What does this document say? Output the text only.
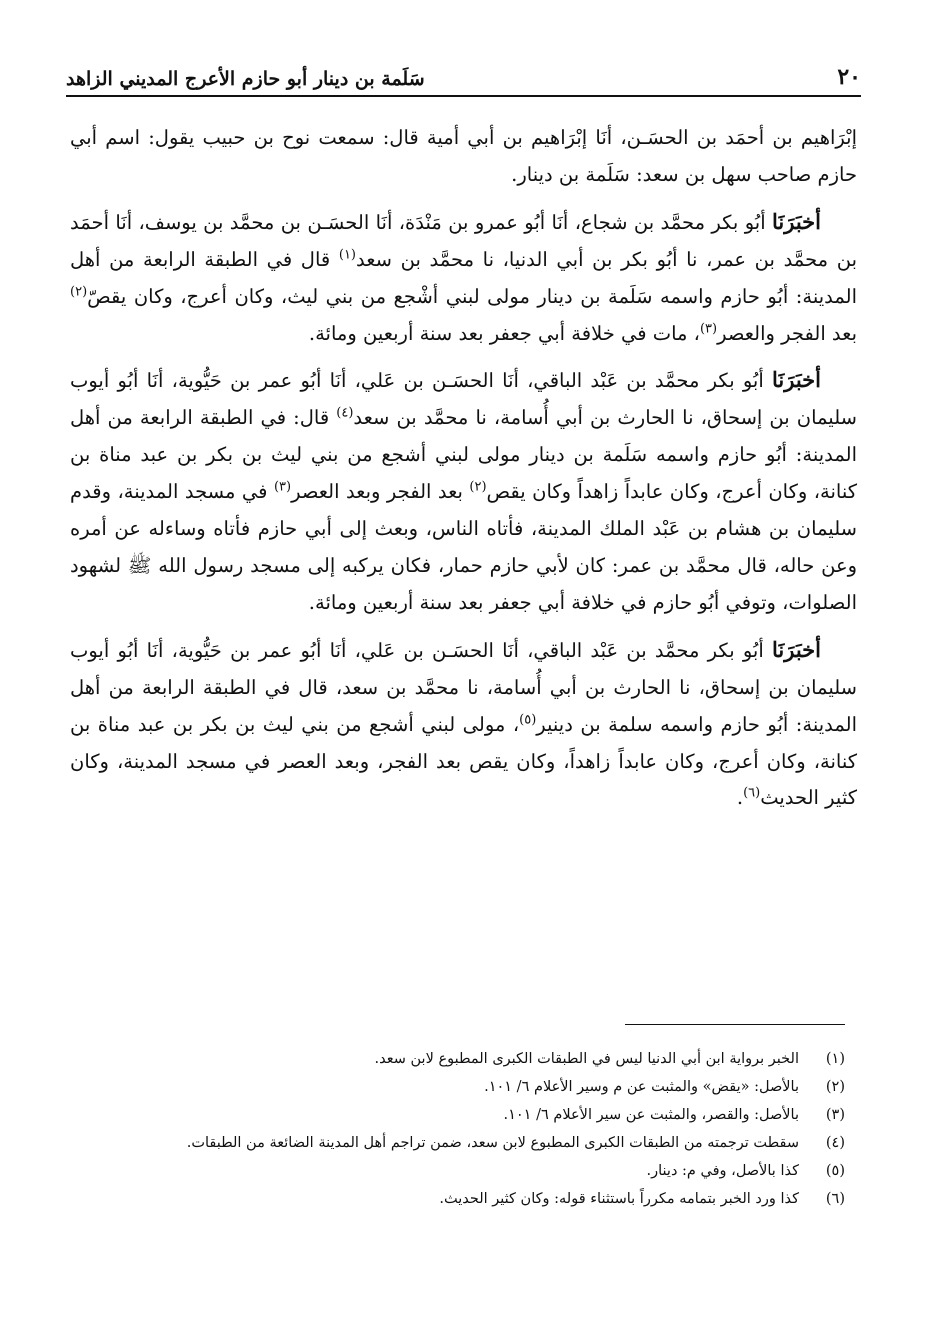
٢٠
سَلَمة بن دينار أبو حازم الأعرج المديني الزاهد

إبْرَاهيم بن أحمَد بن الحسَـن، أنَا إبْرَاهيم بن أبي أمية قال: سمعت نوح بن حبيب يقول: اسم أبي حازم صاحب سهل بن سعد: سَلَمة بن دينار.

أخبَرَنَا أبُو بكر محمَّد بن شجاع، أنَا أبُو عمرو بن مَنْدَة، أنَا الحسَـن بن محمَّد بن يوسف، أنَا أحمَد بن محمَّد بن عمر، نا أبُو بكر بن أبي الدنيا، نا محمَّد بن سعد$^{(١)}$ قال في الطبقة الرابعة من أهل المدينة: أبُو حازم واسمه سَلَمة بن دينار مولى لبني أشْجع من بني ليث، وكان أعرج، وكان يقصّ$^{(٢)}$ بعد الفجر والعصر$^{(٣)}$، مات في خلافة أبي جعفر بعد سنة أربعين ومائة.

أخبَرَنَا أبُو بكر محمَّد بن عَبْد الباقي، أنَا الحسَـن بن عَلي، أنَا أبُو عمر بن حَيُّوية، أنَا أبُو أيوب سليمان بن إسحاق، نا الحارث بن أبي أُسامة، نا محمَّد بن سعد$^{(٤)}$ قال: في الطبقة الرابعة من أهل المدينة: أبُو حازم واسمه سَلَمة بن دينار مولى لبني أشجع من بني ليث بن بكر بن عبد مناة بن كنانة، وكان أعرج، وكان عابداً زاهداً وكان يقص$^{(٢)}$ بعد الفجر وبعد العصر$^{(٣)}$ في مسجد المدينة، وقدم سليمان بن هشام بن عَبْد الملك المدينة، فأتاه الناس، وبعث إلى أبي حازم فأتاه وساءله عن أمره وعن حاله، قال محمَّد بن عمر: كان لأبي حازم حمار، فكان يركبه إلى مسجد رسول الله ﷺ لشهود الصلوات، وتوفي أبُو حازم في خلافة أبي جعفر بعد سنة أربعين ومائة.

أخبَرَنَا أبُو بكر محمَّد بن عَبْد الباقي، أنَا الحسَـن بن عَلي، أنَا أبُو عمر بن حَيُّوية، أنَا أبُو أيوب سليمان بن إسحاق، نا الحارث بن أبي أُسامة، نا محمَّد بن سعد، قال في الطبقة الرابعة من أهل المدينة: أبُو حازم واسمه سلمة بن دينير$^{(٥)}$، مولى لبني أشجع من بني ليث بن بكر بن عبد مناة بن كنانة، وكان أعرج، وكان عابداً زاهداً، وكان يقص بعد الفجر، وبعد العصر في مسجد المدينة، وكان كثير الحديث$^{(٦)}$.

(١)
الخبر برواية ابن أبي الدنيا ليس في الطبقات الكبرى المطبوع لابن سعد.
(٢)
بالأصل: «يقض» والمثبت عن م وسير الأعلام ٦/ ١٠١.
(٣)
بالأصل: والقصر، والمثبت عن سير الأعلام ٦/ ١٠١.
(٤)
سقطت ترجمته من الطبقات الكبرى المطبوع لابن سعد، ضمن تراجم أهل المدينة الضائعة من الطبقات.
(٥)
كذا بالأصل، وفي م: دينار.
(٦)
كذا ورد الخبر بتمامه مكرراً باستثناء قوله: وكان كثير الحديث.
